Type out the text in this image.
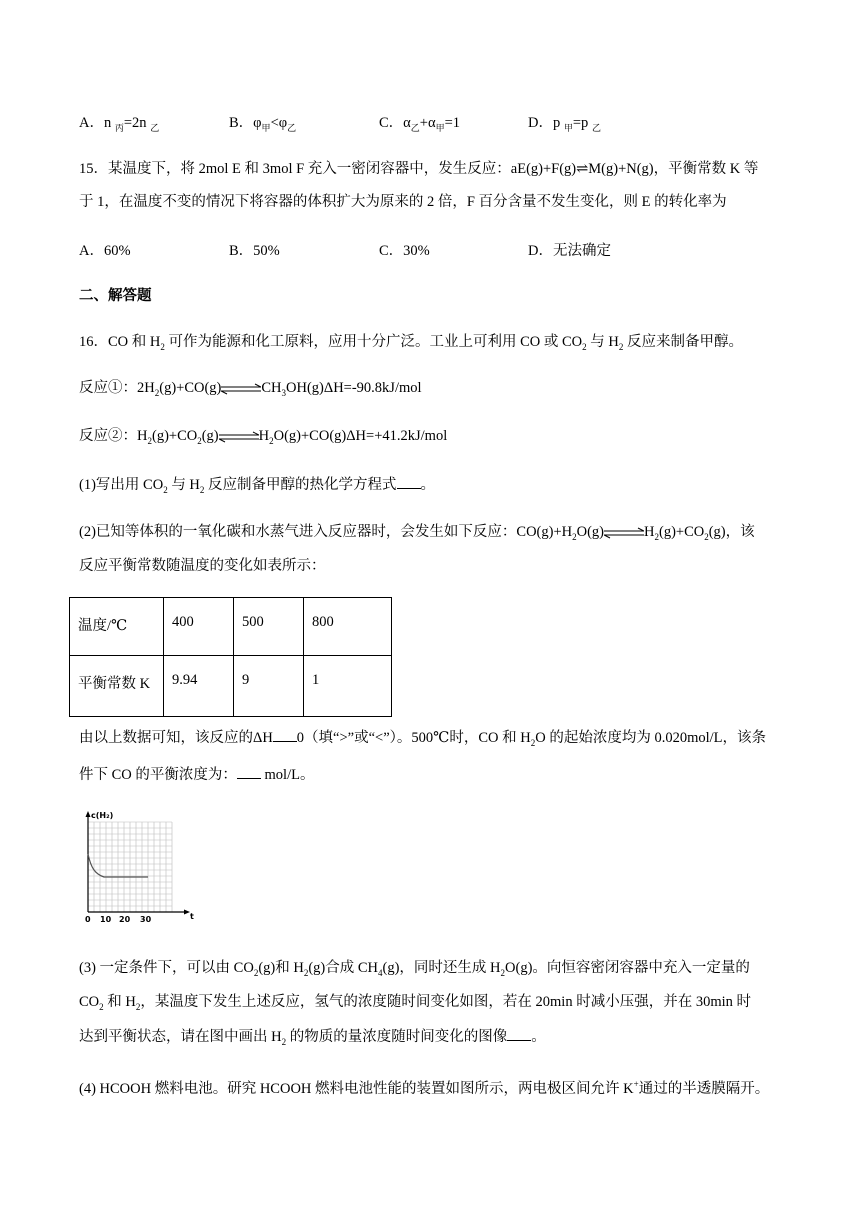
A．n $_丙$=2n $_乙$	B．$\varphi_甲<\varphi_乙$	C．$\alpha_乙+\alpha_甲=1$	D．p $_甲$=p $_乙$
15．某温度下，将 2mol E 和 3mol F 充入一密闭容器中，发生反应：aE(g)+F(g)⇌M(g)+N(g)，平衡常数 K 等
于 1，在温度不变的情况下将容器的体积扩大为原来的 2 倍，F 百分含量不发生变化，则 E 的转化率为
A．60%	B．50%	C．30%	D．无法确定
二、解答题
16．CO 和 $H_2$ 可作为能源和化工原料，应用十分广泛。工业上可利用 CO 或 $CO_2$ 与 $H_2$ 反应来制备甲醇。
反应①：$2H_2(g)+CO(g)\rightleftharpoons CH_3OH(g)\Delta H=-90.8kJ$/mol
反应②：$H_2(g)+CO_2(g)\rightleftharpoons H_2O(g)+CO(g)\Delta H=+41.2kJ$/mol
(1)写出用 $CO_2$ 与 $H_2$ 反应制备甲醇的热化学方程式 。
(2)已知等体积的一氧化碳和水蒸气进入反应器时，会发生如下反应：$CO(g)+H_2O(g)\rightleftharpoons H_2(g)+CO_2(g)$，该
反应平衡常数随温度的变化如表所示：
温度/℃	400	500	800
平衡常数 K	9.94	9	1
由以上数据可知，该反应的ΔH 0（填“>”或“<”）。500℃时，CO 和 $H_2O$ 的起始浓度均为 0.020mol/L，该条
件下 CO 的平衡浓度为： mol/L。
c(H₂)
t
0 10 20 30
(3) 一定条件下，可以由 $CO_2(g)$和 $H_2(g)$合成 $CH_4(g)$，同时还生成 $H_2O(g)$。向恒容密闭容器中充入一定量的
$CO_2$ 和 $H_2$，某温度下发生上述反应，氢气的浓度随时间变化如图，若在 20min 时减小压强，并在 30min 时
达到平衡状态，请在图中画出 $H_2$ 的物质的量浓度随时间变化的图像 。
(4) HCOOH 燃料电池。研究 HCOOH 燃料电池性能的装置如图所示，两电极区间允许 K+通过的半透膜隔开。
